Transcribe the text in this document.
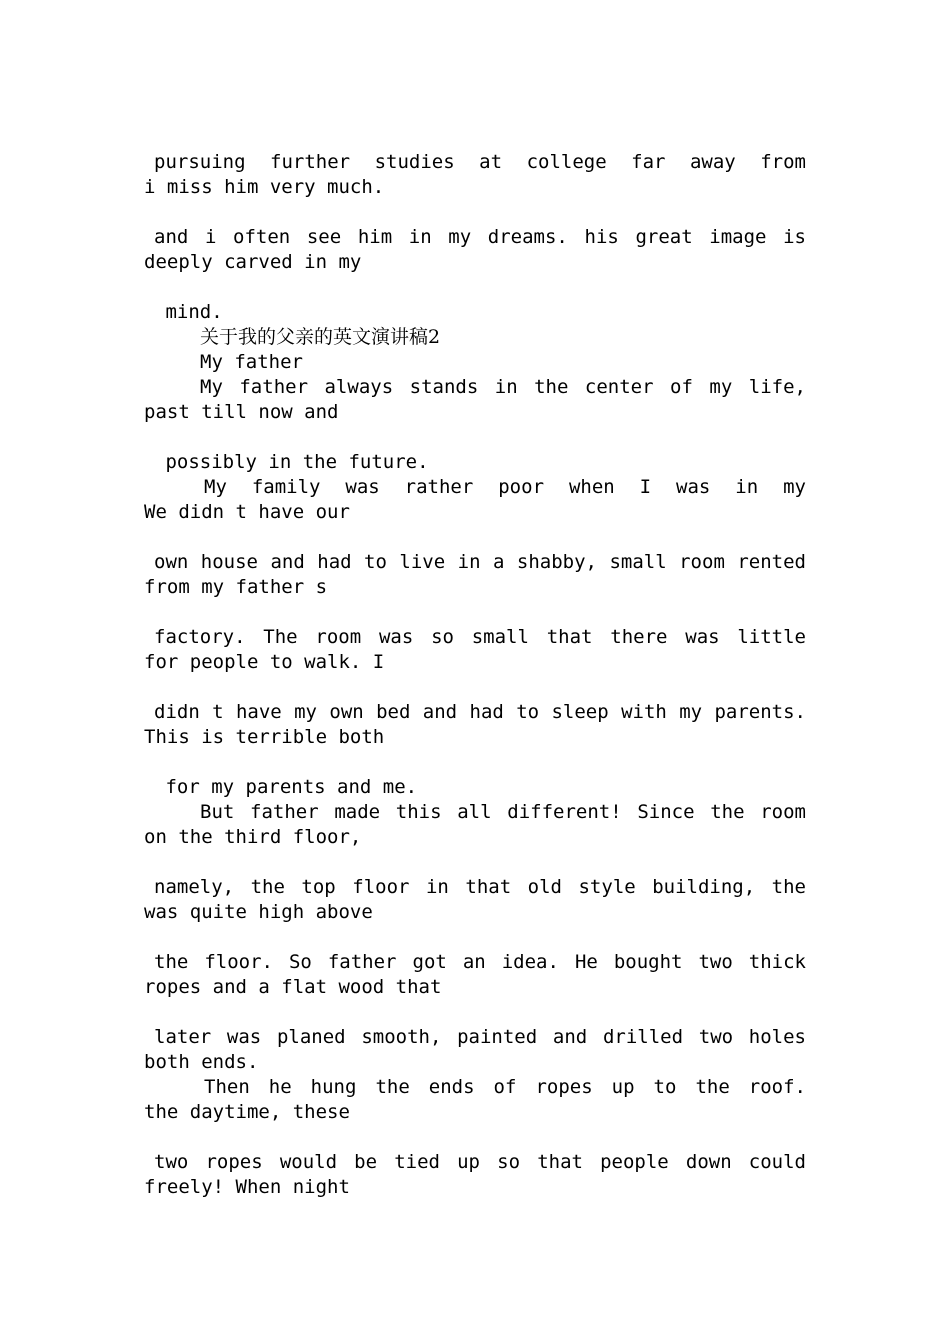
pursuing further studies at college far away from
i miss him very much.
and i often see him in my dreams. his great image is
deeply carved in my
mind.
关于我的父亲的英文演讲稿2
My father
My father always stands in the center of my life,
past till now and
possibly in the future.
My family was rather poor when I was in my
We didn t have our
own house and had to live in a shabby, small room rented
from my father s
factory. The room was so small that there was little
for people to walk. I
didn t have my own bed and had to sleep with my parents.
This is terrible both
for my parents and me.
But father made this all different! Since the room
on the third floor,
namely, the top floor in that old style building, the
was quite high above
the floor. So father got an idea. He bought two thick
ropes and a flat wood that
later was planed smooth, painted and drilled two holes
both ends.
Then he hung the ends of ropes up to the roof.
the daytime, these
two ropes would be tied up so that people down could
freely! When night
